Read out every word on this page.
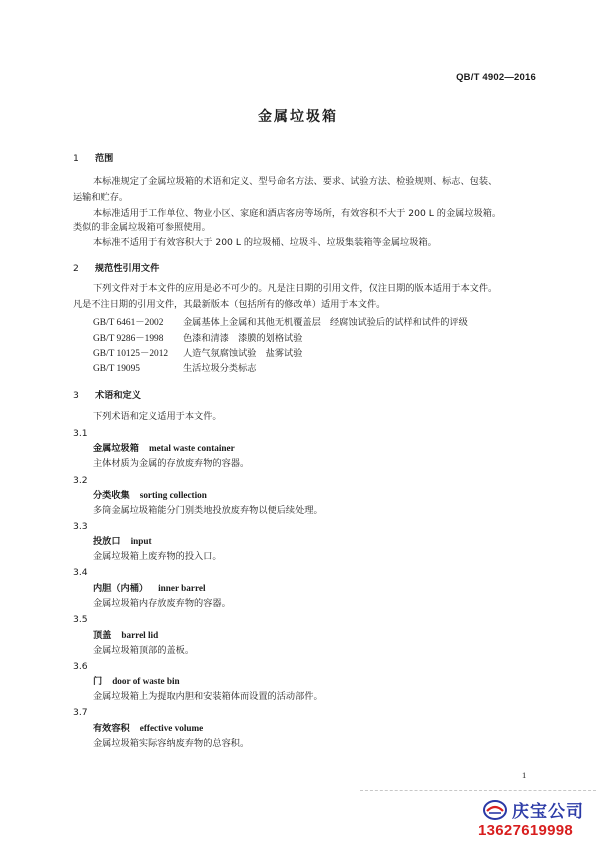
QB/T 4902—2016
金属垃圾箱
1 范围
本标准规定了金属垃圾箱的术语和定义、型号命名方法、要求、试验方法、检验规则、标志、包装、
运输和贮存。
本标准适用于工作单位、物业小区、家庭和酒店客房等场所，有效容积不大于 200 L 的金属垃圾箱。
类似的非金属垃圾箱可参照使用。
本标准不适用于有效容积大于 200 L 的垃圾桶、垃圾斗、垃圾集装箱等金属垃圾箱。
2 规范性引用文件
下列文件对于本文件的应用是必不可少的。凡是注日期的引用文件，仅注日期的版本适用于本文件。
凡是不注日期的引用文件，其最新版本（包括所有的修改单）适用于本文件。
GB/T 6461－2002 金属基体上金属和其他无机覆盖层　经腐蚀试验后的试样和试件的评级
GB/T 9286－1998 色漆和清漆　漆膜的划格试验
GB/T 10125－2012 人造气氛腐蚀试验　盐雾试验
GB/T 19095	生活垃圾分类标志
3 术语和定义
下列术语和定义适用于本文件。
3.1
金属垃圾箱 metal waste container
主体材质为金属的存放废弃物的容器。
3.2
分类收集 sorting collection
多筒金属垃圾箱能分门别类地投放废弃物以便后续处理。
3.3
投放口 input
金属垃圾箱上废弃物的投入口。
3.4
内胆（内桶） inner barrel
金属垃圾箱内存放废弃物的容器。
3.5
顶盖 barrel lid
金属垃圾箱顶部的盖板。
3.6
门 door of waste bin
金属垃圾箱上为提取内胆和安装箱体而设置的活动部件。
3.7
有效容积 effective volume
金属垃圾箱实际容纳废弃物的总容积。
1
庆宝公司
13627619998
